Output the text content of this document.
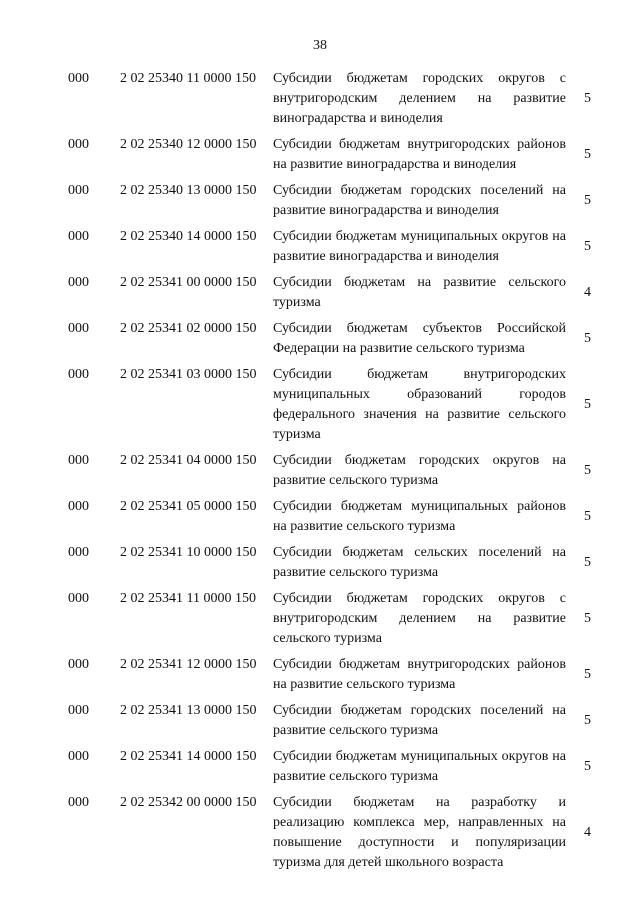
38
000 2 02 25340 11 0000 150 Субсидии бюджетам городских округов с внутригородским делением на развитие виноградарства и виноделия
5
000 2 02 25340 12 0000 150 Субсидии бюджетам внутригородских районов на развитие виноградарства и виноделия
5
000 2 02 25340 13 0000 150 Субсидии бюджетам городских поселений на развитие виноградарства и виноделия
5
000 2 02 25340 14 0000 150 Субсидии бюджетам муниципальных округов на развитие виноградарства и виноделия
5
000 2 02 25341 00 0000 150 Субсидии бюджетам на развитие сельского туризма
4
000 2 02 25341 02 0000 150 Субсидии бюджетам субъектов Российской Федерации на развитие сельского туризма
5
000 2 02 25341 03 0000 150 Субсидии бюджетам внутригородских муниципальных образований городов федерального значения на развитие сельского туризма
5
000 2 02 25341 04 0000 150 Субсидии бюджетам городских округов на развитие сельского туризма
5
000 2 02 25341 05 0000 150 Субсидии бюджетам муниципальных районов на развитие сельского туризма
5
000 2 02 25341 10 0000 150 Субсидии бюджетам сельских поселений на развитие сельского туризма
5
000 2 02 25341 11 0000 150 Субсидии бюджетам городских округов с внутригородским делением на развитие сельского туризма
5
000 2 02 25341 12 0000 150 Субсидии бюджетам внутригородских районов на развитие сельского туризма
5
000 2 02 25341 13 0000 150 Субсидии бюджетам городских поселений на развитие сельского туризма
5
000 2 02 25341 14 0000 150 Субсидии бюджетам муниципальных округов на развитие сельского туризма
5
000 2 02 25342 00 0000 150 Субсидии бюджетам на разработку и реализацию комплекса мер, направленных на повышение доступности и популяризации туризма для детей школьного возраста
4
